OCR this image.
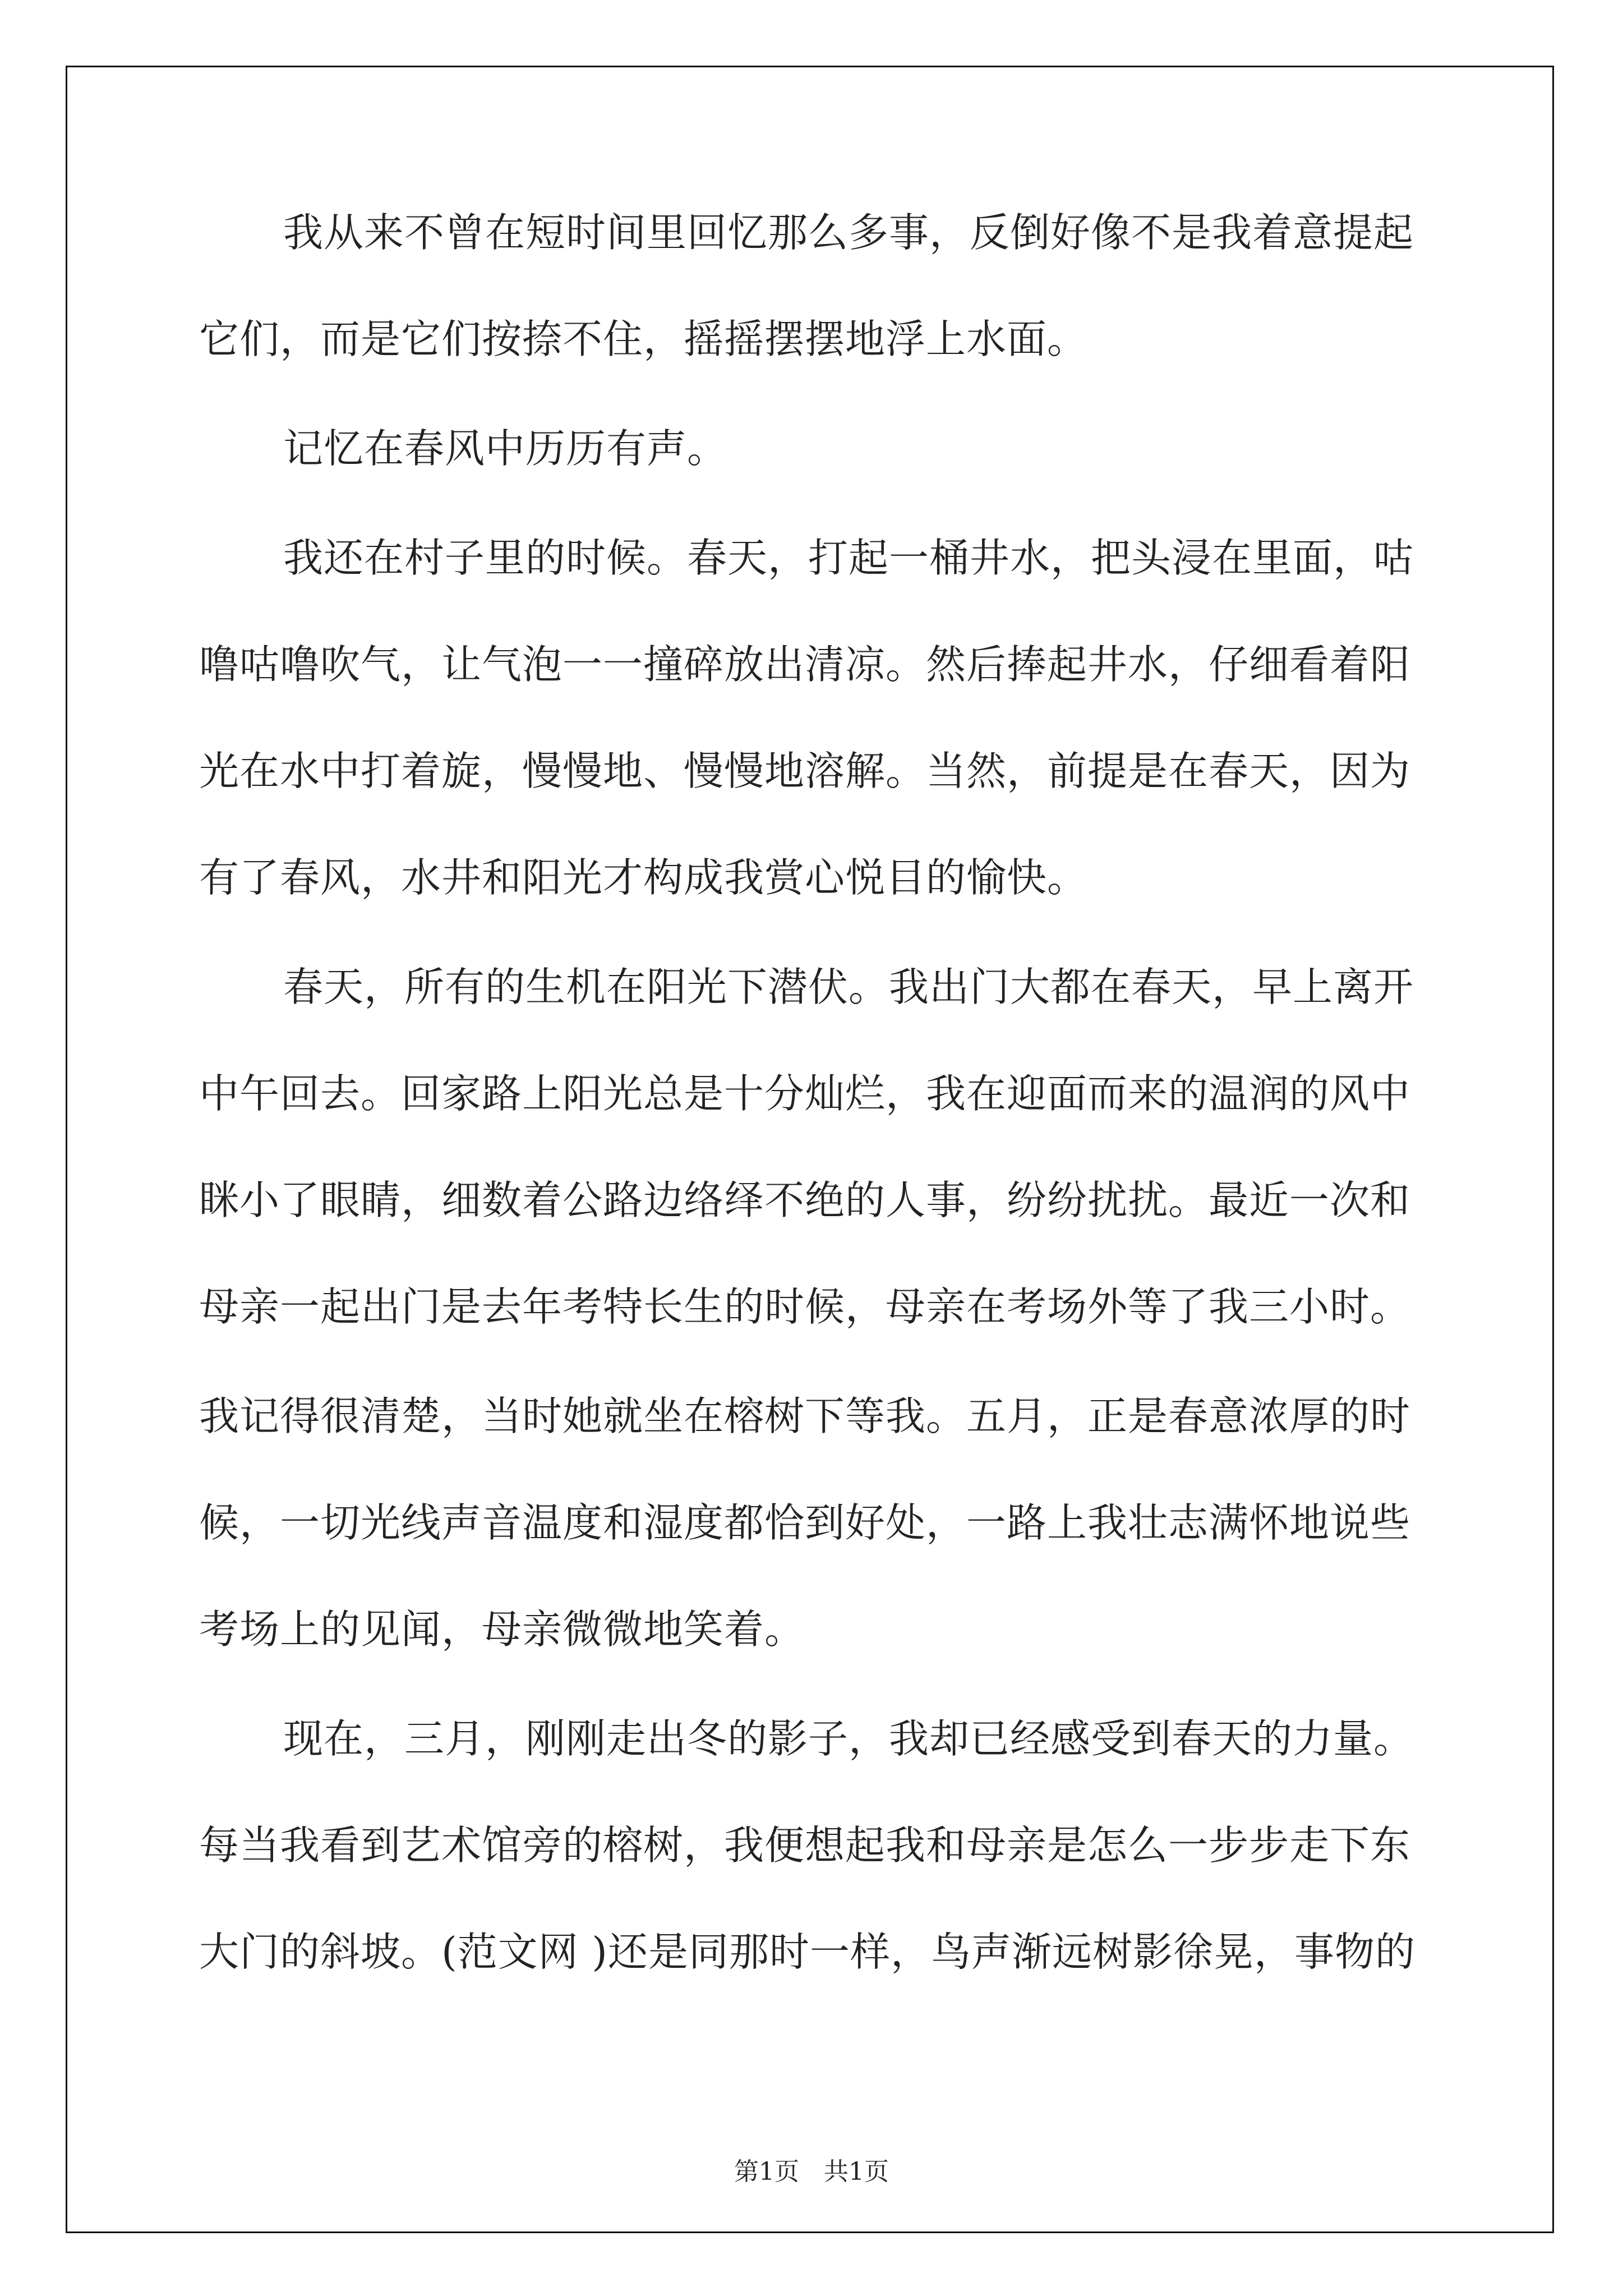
我从来不曾在短时间里回忆那么多事，反倒好像不是我着意提起
它们，而是它们按捺不住，摇摇摆摆地浮上水面。
记忆在春风中历历有声。
我还在村子里的时候。春天，打起一桶井水，把头浸在里面，咕
噜咕噜吹气，让气泡一一撞碎放出清凉。然后捧起井水，仔细看着阳
光在水中打着旋，慢慢地、慢慢地溶解。当然，前提是在春天，因为
有了春风，水井和阳光才构成我赏心悦目的愉快。
春天，所有的生机在阳光下潜伏。我出门大都在春天，早上离开
中午回去。回家路上阳光总是十分灿烂，我在迎面而来的温润的风中
眯小了眼睛，细数着公路边络绎不绝的人事，纷纷扰扰。最近一次和
母亲一起出门是去年考特长生的时候，母亲在考场外等了我三小时。
我记得很清楚，当时她就坐在榕树下等我。五月，正是春意浓厚的时
候，一切光线声音温度和湿度都恰到好处，一路上我壮志满怀地说些
考场上的见闻，母亲微微地笑着。
现在，三月，刚刚走出冬的影子，我却已经感受到春天的力量。
每当我看到艺术馆旁的榕树，我便想起我和母亲是怎么一步步走下东
大门的斜坡。(范文网 )还是同那时一样，鸟声渐远树影徐晃，事物的
第1页　共1页
